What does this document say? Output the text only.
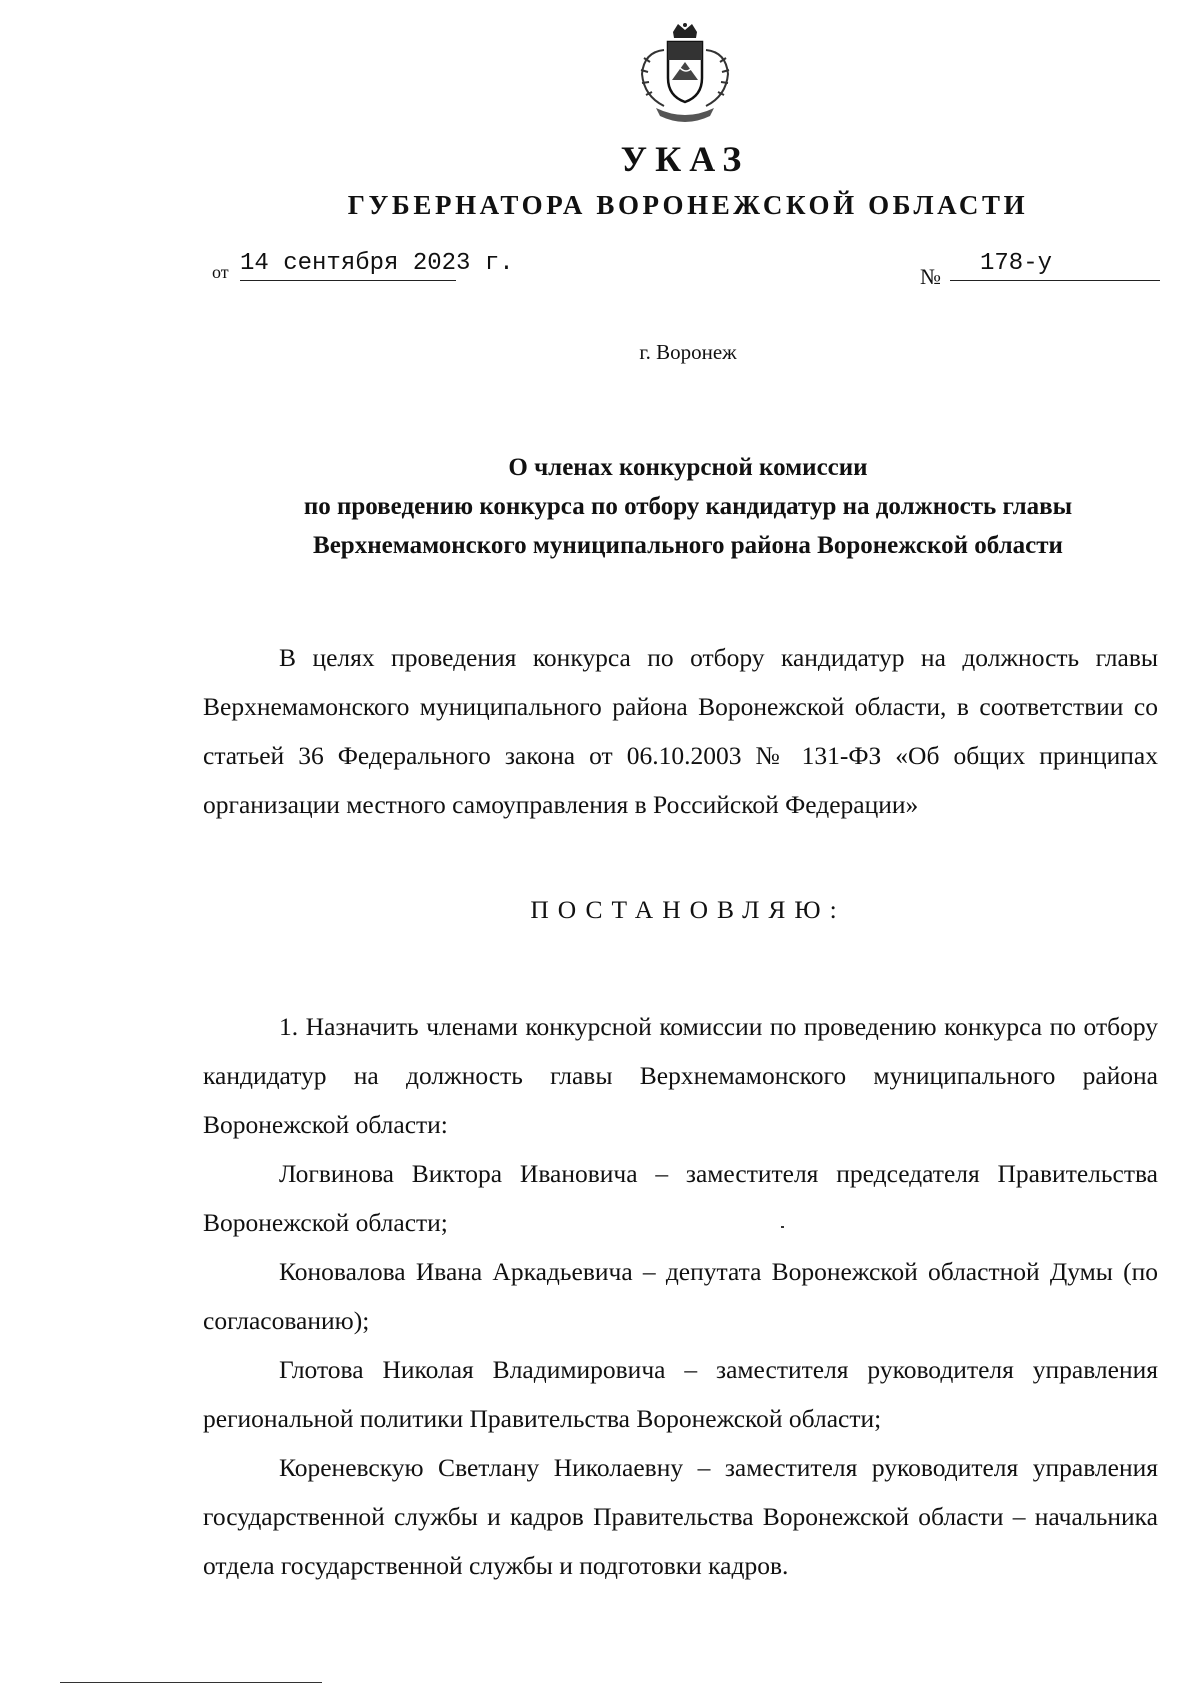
УКАЗ
ГУБЕРНАТОРА ВОРОНЕЖСКОЙ ОБЛАСТИ
от 14 сентября 2023 г.	№	178-у
г. Воронеж
О членах конкурсной комиссии
по проведению конкурса по отбору кандидатур на должность главы
Верхнемамонского муниципального района Воронежской области

В целях проведения конкурса по отбору кандидатур на должность главы Верхнемамонского муниципального района Воронежской области, в соответствии со статьей 36 Федерального закона от 06.10.2003 № 131-ФЗ «Об общих принципах организации местного самоуправления в Российской Федерации»

ПОСТАНОВЛЯЮ:

1. Назначить членами конкурсной комиссии по проведению конкурса по отбору кандидатур на должность главы Верхнемамонского муниципального района Воронежской области:

Логвинова Виктора Ивановича – заместителя председателя Правительства Воронежской области;

Коновалова Ивана Аркадьевича – депутата Воронежской областной Думы (по согласованию);

Глотова Николая Владимировича – заместителя руководителя управления региональной политики Правительства Воронежской области;

Кореневскую Светлану Николаевну – заместителя руководителя управления государственной службы и кадров Правительства Воронежской области – начальника отдела государственной службы и подготовки кадров.
